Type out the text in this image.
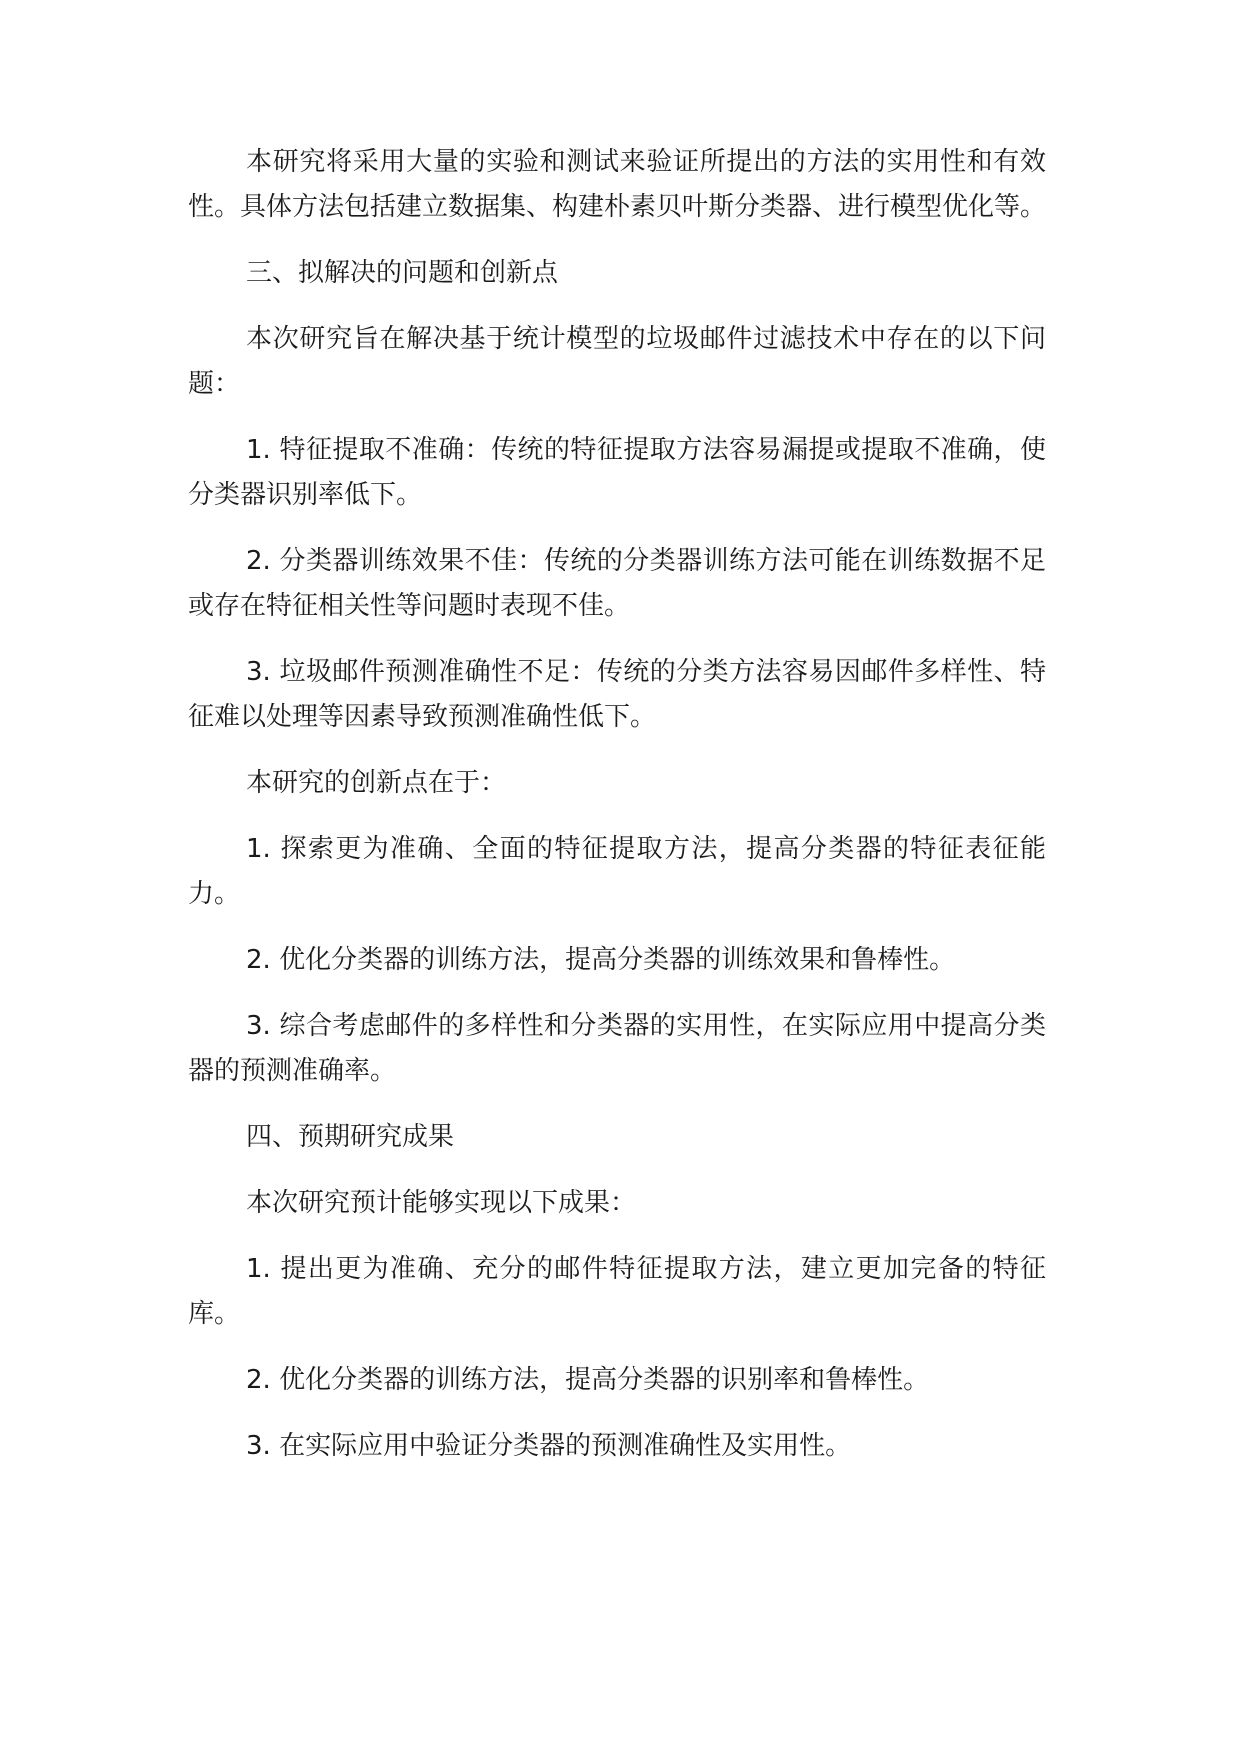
本研究将采用大量的实验和测试来验证所提出的方法的实用性和有效性。具体方法包括建立数据集、构建朴素贝叶斯分类器、进行模型优化等。

三、拟解决的问题和创新点

本次研究旨在解决基于统计模型的垃圾邮件过滤技术中存在的以下问题：

1. 特征提取不准确：传统的特征提取方法容易漏提或提取不准确，使分类器识别率低下。

2. 分类器训练效果不佳：传统的分类器训练方法可能在训练数据不足或存在特征相关性等问题时表现不佳。

3. 垃圾邮件预测准确性不足：传统的分类方法容易因邮件多样性、特征难以处理等因素导致预测准确性低下。

本研究的创新点在于：

1. 探索更为准确、全面的特征提取方法，提高分类器的特征表征能力。

2. 优化分类器的训练方法，提高分类器的训练效果和鲁棒性。

3. 综合考虑邮件的多样性和分类器的实用性，在实际应用中提高分类器的预测准确率。

四、预期研究成果

本次研究预计能够实现以下成果：

1. 提出更为准确、充分的邮件特征提取方法，建立更加完备的特征库。

2. 优化分类器的训练方法，提高分类器的识别率和鲁棒性。

3. 在实际应用中验证分类器的预测准确性及实用性。
